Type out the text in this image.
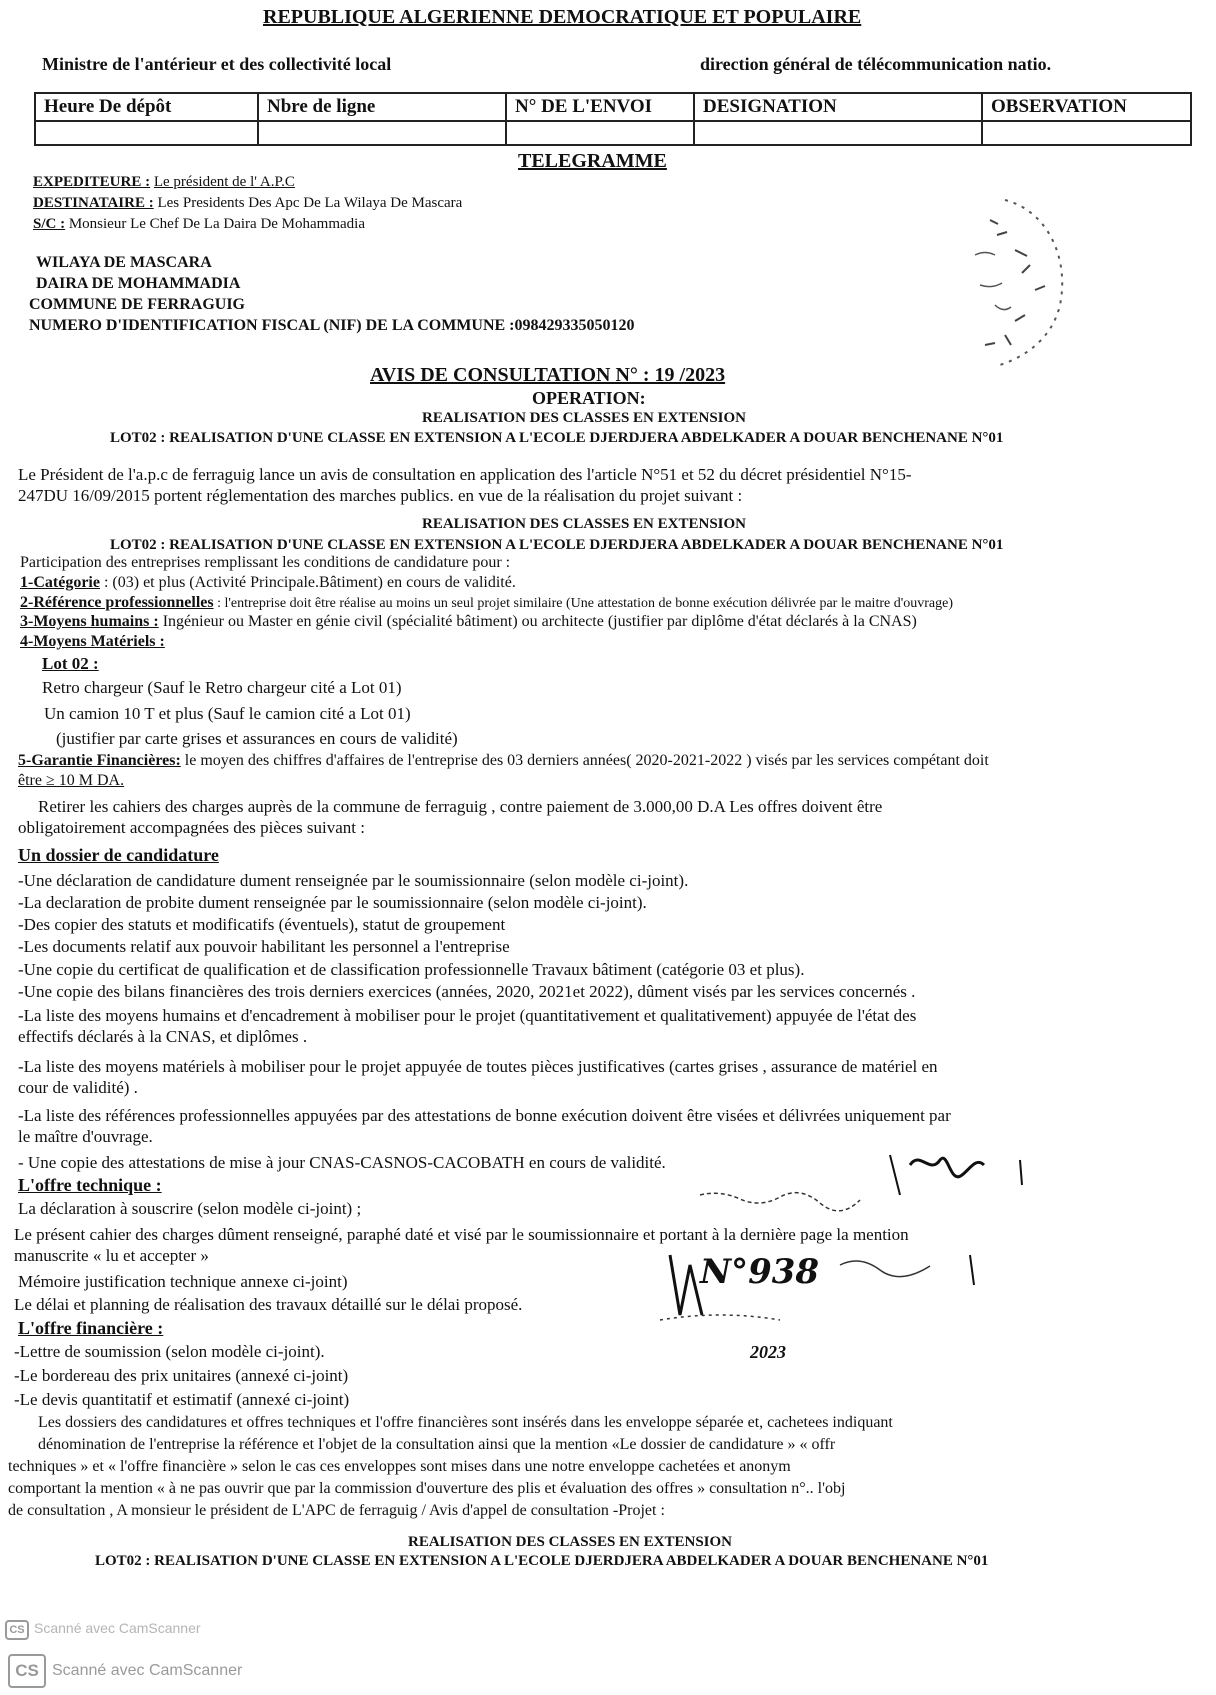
REPUBLIQUE ALGERIENNE DEMOCRATIQUE ET POPULAIRE
Ministre de l'antérieur et des collectivité local	direction général de télécommunication natio.
Heure De dépôt	Nbre de ligne	N° DE L'ENVOI	DESIGNATION	OBSERVATION

TELEGRAMME
EXPEDITEURE : Le président de l' A.P.C
DESTINATAIRE : Les Presidents Des Apc De La Wilaya De Mascara
S/C : Monsieur Le Chef De La Daira De Mohammadia
WILAYA DE MASCARA
DAIRA DE MOHAMMADIA
COMMUNE DE FERRAGUIG
NUMERO D'IDENTIFICATION FISCAL (NIF) DE LA COMMUNE :098429335050120
AVIS DE CONSULTATION N° : 19 /2023
OPERATION:
REALISATION DES CLASSES EN EXTENSION
LOT02 : REALISATION D'UNE CLASSE EN EXTENSION A L'ECOLE DJERDJERA ABDELKADER A DOUAR BENCHENANE N°01
Le Président de l'a.p.c de ferraguig lance un avis de consultation en application des l'article N°51 et 52 du décret présidentiel N°15-
247DU 16/09/2015 portent réglementation des marches publics. en vue de la réalisation du projet suivant :
REALISATION DES CLASSES EN EXTENSION
LOT02 : REALISATION D'UNE CLASSE EN EXTENSION A L'ECOLE DJERDJERA ABDELKADER A DOUAR BENCHENANE N°01
Participation des entreprises remplissant les conditions de candidature pour :
1-Catégorie : (03) et plus (Activité Principale.Bâtiment) en cours de validité.
2-Référence professionnelles : l'entreprise doit être réalise au moins un seul projet similaire (Une attestation de bonne exécution délivrée par le maitre d'ouvrage)
3-Moyens humains : Ingénieur ou Master en génie civil (spécialité bâtiment) ou architecte (justifier par diplôme d'état déclarés à la CNAS)
4-Moyens Matériels :
Lot 02 :
Retro chargeur (Sauf le Retro chargeur cité a Lot 01)
Un camion 10 T et plus (Sauf le camion cité a Lot 01)
(justifier par carte grises et assurances en cours de validité)
5-Garantie Financières: le moyen des chiffres d'affaires de l'entreprise des 03 derniers années( 2020-2021-2022 ) visés par les services compétant doit
être ≥ 10 M DA.
Retirer les cahiers des charges auprès de la commune de ferraguig , contre paiement de 3.000,00 D.A Les offres doivent être
obligatoirement accompagnées des pièces suivant :
Un dossier de candidature
-Une déclaration de candidature dument renseignée par le soumissionnaire (selon modèle ci-joint).
-La declaration de probite dument renseignée par le soumissionnaire (selon modèle ci-joint).
-Des copier des statuts et modificatifs (éventuels), statut de groupement
-Les documents relatif aux pouvoir habilitant les personnel a l'entreprise
-Une copie du certificat de qualification et de classification professionnelle Travaux bâtiment (catégorie 03 et plus).
-Une copie des bilans financières des trois derniers exercices (années, 2020, 2021et 2022), dûment visés par les services concernés .
-La liste des moyens humains et d'encadrement à mobiliser pour le projet (quantitativement et qualitativement) appuyée de l'état des
effectifs déclarés à la CNAS, et diplômes .
-La liste des moyens matériels à mobiliser pour le projet appuyée de toutes pièces justificatives (cartes grises , assurance de matériel en
cour de validité) .
-La liste des références professionnelles appuyées par des attestations de bonne exécution doivent être visées et délivrées uniquement par
le maître d'ouvrage.
- Une copie des attestations de mise à jour CNAS-CASNOS-CACOBATH en cours de validité.
L'offre technique :
La déclaration à souscrire (selon modèle ci-joint) ;
Le présent cahier des charges dûment renseigné, paraphé daté et visé par le soumissionnaire et portant à la dernière page la mention
manuscrite « lu et accepter »
Mémoire justification technique annexe ci-joint)
Le délai et planning de réalisation des travaux détaillé sur le délai proposé.
L'offre financière :
-Lettre de soumission (selon modèle ci-joint).
-Le bordereau des prix unitaires (annexé ci-joint)
-Le devis quantitatif et estimatif (annexé ci-joint)
Les dossiers des candidatures et offres techniques et l'offre financières sont insérés dans les enveloppe séparée et, cachetees indiquant
dénomination de l'entreprise la référence et l'objet de la consultation ainsi que la mention «Le dossier de candidature » « offr
techniques » et « l'offre financière » selon le cas ces enveloppes sont mises dans une notre enveloppe cachetées et anonym
comportant la mention « à ne pas ouvrir que par la commission d'ouverture des plis et évaluation des offres » consultation n°.. l'obj
de consultation , A monsieur le président de L'APC de ferraguig / Avis d'appel de consultation -Projet :
REALISATION DES CLASSES EN EXTENSION
LOT02 : REALISATION D'UNE CLASSE EN EXTENSION A L'ECOLE DJERDJERA ABDELKADER A DOUAR BENCHENANE N°01
N°938
2023
CS Scanné avec CamScanner
CS Scanné avec CamScanner
